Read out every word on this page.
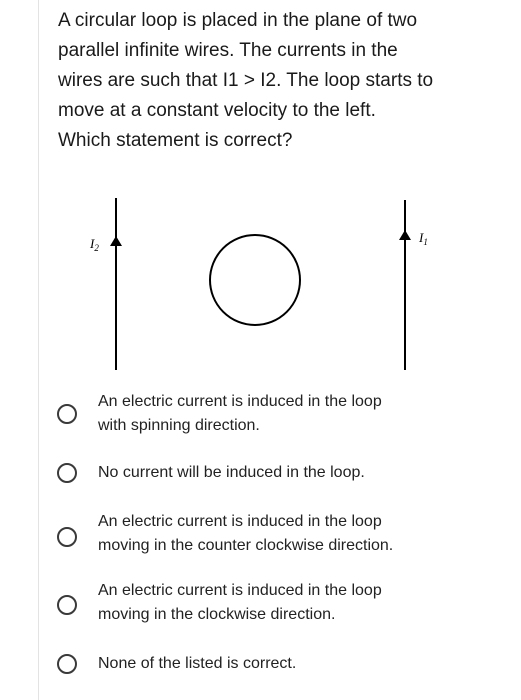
A circular loop is placed in the plane of two
parallel infinite wires. The currents in the
wires are such that I1 > I2. The loop starts to
move at a constant velocity to the left.
Which statement is correct?
$I_2$
$I_1$
An electric current is induced in the loop
with spinning direction.
No current will be induced in the loop.
An electric current is induced in the loop
moving in the counter clockwise direction.
An electric current is induced in the loop
moving in the clockwise direction.
None of the listed is correct.
